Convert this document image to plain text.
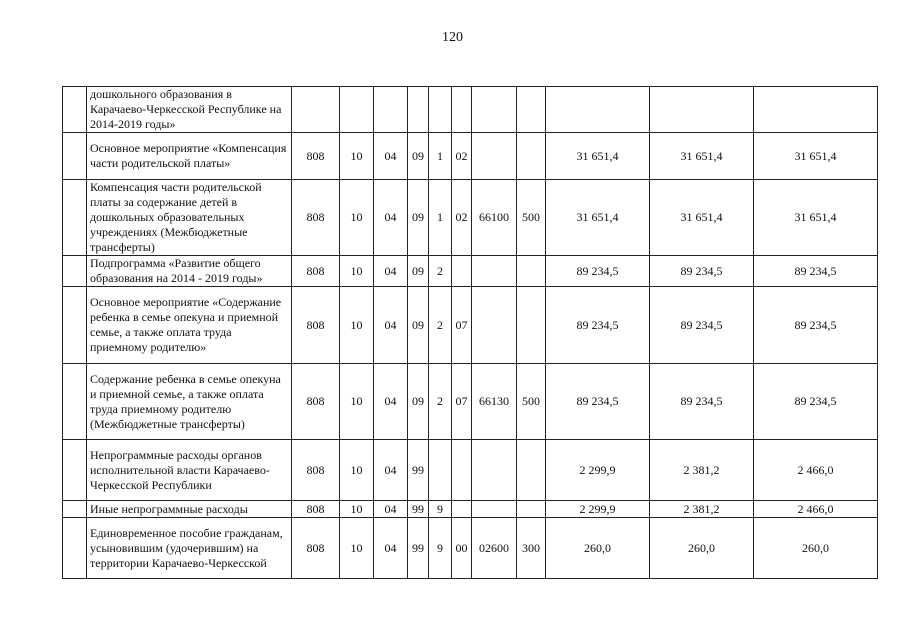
120
	дошкольного образования в Карачаево-Черкесской Республике на 2014-2019 годы»											
	Основное мероприятие «Компенсация части родительской платы»	808	10	04	09	1	02			31 651,4	31 651,4	31 651,4
	Компенсация части родительской платы за содержание детей в дошкольных образовательных учреждениях (Межбюджетные трансферты)	808	10	04	09	1	02	66100	500	31 651,4	31 651,4	31 651,4
	Подпрограмма «Развитие общего образования на 2014 - 2019 годы»	808	10	04	09	2				89 234,5	89 234,5	89 234,5
	Основное мероприятие «Содержание ребенка в семье опекуна и приемной семье, а также оплата труда приемному родителю»	808	10	04	09	2	07			89 234,5	89 234,5	89 234,5
	Содержание ребенка в семье опекуна и приемной семье, а также оплата труда приемному родителю (Межбюджетные трансферты)	808	10	04	09	2	07	66130	500	89 234,5	89 234,5	89 234,5
	Непрограммные расходы органов исполнительной власти Карачаево-Черкесской Республики	808	10	04	99					2 299,9	2 381,2	2 466,0
	Иные непрограммные расходы	808	10	04	99	9				2 299,9	2 381,2	2 466,0
	Единовременное пособие гражданам, усыновившим (удочерившим) на территории Карачаево-Черкесской	808	10	04	99	9	00	02600	300	260,0	260,0	260,0
